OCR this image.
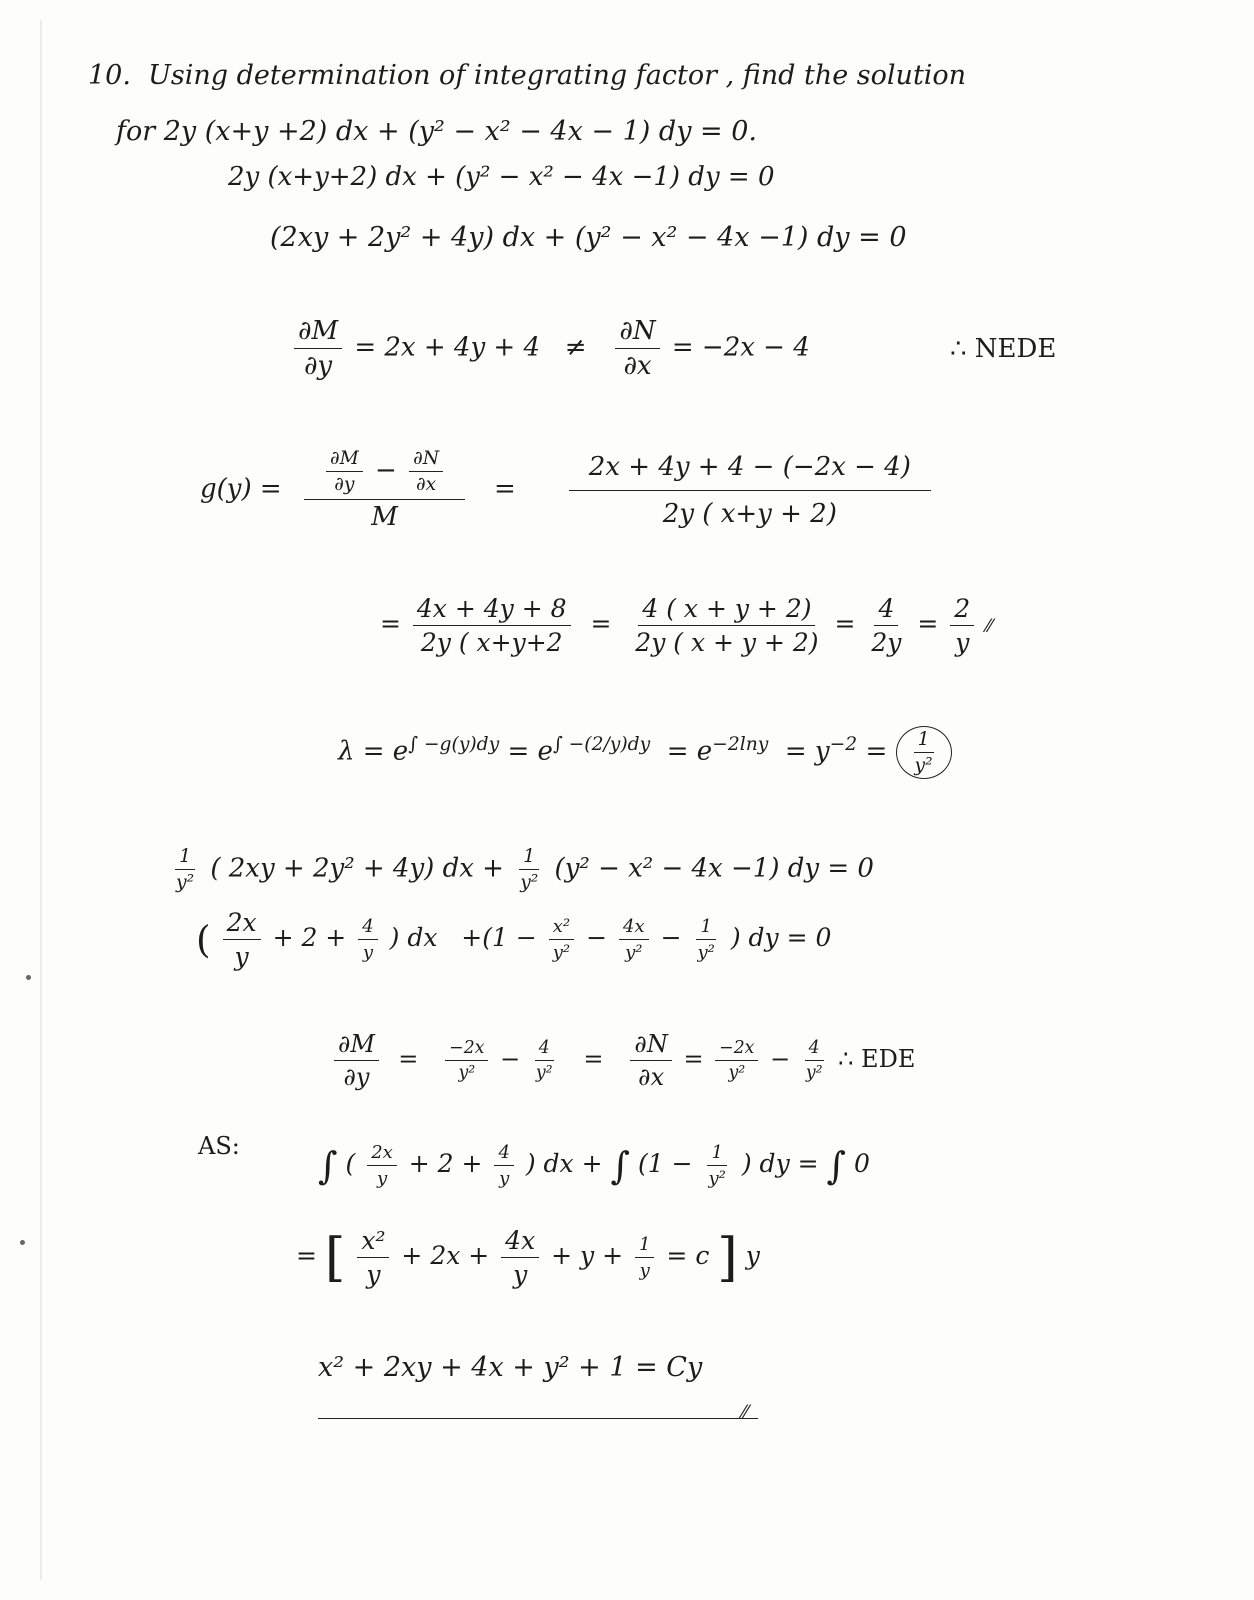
10. Using determination of integrating factor , find the solution
for 2y (x+y +2) dx + (y² − x² − 4x − 1) dy = 0.
2y (x+y+2) dx + (y² − x² − 4x −1) dy = 0
(2xy + 2y² + 4y) dx + (y² − x² − 4x −1) dy = 0
$\frac{\partial M}{\partial y} = 2x + 4y + 4 \ne \frac{\partial N}{\partial x} = -2x - 4$	∴ NEDE
$g(y) = \frac{\frac{\partial M}{\partial y} - \frac{\partial N}{\partial x}}{M} = \frac{2x + 4y + 4 - (-2x - 4)}{2y ( x+y + 2)}$
= $\frac{4x + 4y + 8}{2y ( x+y+2} = \frac{4 ( x + y + 2)}{2y ( x + y + 2)} = \frac{4}{2y} = \frac{2}{y}$ ⁄⁄
$\lambda = e^{\int -g(y)dy} = e^{\int -(2/y)dy} = e^{-2lny} = y^{-2} = \frac{1}{\text{y²}}$
$\frac{1}{\text{y²}}$ ( 2xy + 2y² + 4y) dx + $\frac{1}{\text{y²}} (y^2 - x^2 - 4x -1)$ dy = 0
( $\frac{2x}{y} + 2 + \frac{4}{y}$ ) dx $+(1 - \frac{\text{x²}}{\text{y²}} - \frac{4x}{\text{y²}} - \frac{1}{\text{y²}}$ ) dy = 0
$\frac{\partial M}{\partial y} = \frac{-2x}{\text{y²}} - \frac{4}{\text{y²}} = \frac{\partial N}{\partial x} = \frac{-2x}{\text{y²}} - \frac{4}{\text{y²}}$ ∴ EDE
AS: ∫ ( $\frac{2x}{y} + 2 + \frac{4}{y}$ ) dx + ∫ ($1 - \frac{1}{\text{y²}}$ ) dy = ∫ 0
= [ $\frac{\text{x²}}{y} + 2x + \frac{4x}{y} + y + \frac{1}{y} = c$ ] y
x² + 2xy + 4x + y² + 1 = Cy
⁄⁄
